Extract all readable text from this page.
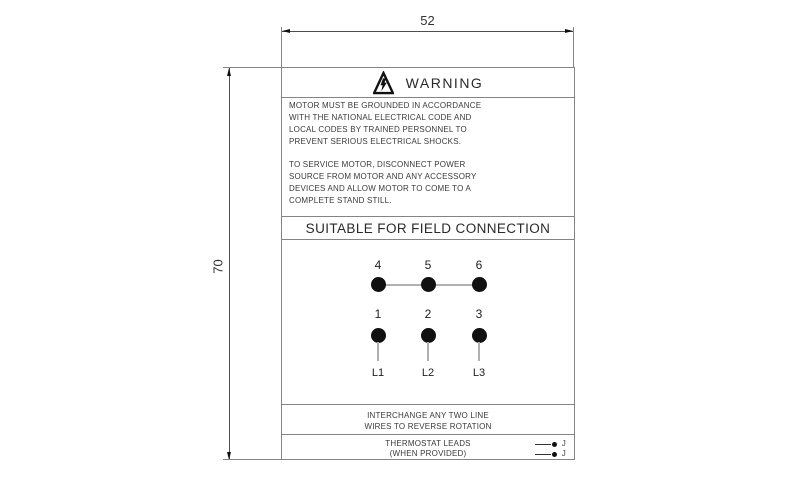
52
70
WARNING
MOTOR MUST BE GROUNDED IN ACCORDANCE
WITH THE NATIONAL ELECTRICAL CODE AND
LOCAL CODES BY TRAINED PERSONNEL TO
PREVENT SERIOUS ELECTRICAL SHOCKS.
TO SERVICE MOTOR, DISCONNECT POWER
SOURCE FROM MOTOR AND ANY ACCESSORY
DEVICES AND ALLOW MOTOR TO COME TO A
COMPLETE STAND STILL.
SUITABLE FOR FIELD CONNECTION
4	5	6
1	2	3
L1	L2	L3
INTERCHANGE ANY TWO LINE
WIRES TO REVERSE ROTATION
THERMOSTAT LEADS
(WHEN PROVIDED)
J
J
